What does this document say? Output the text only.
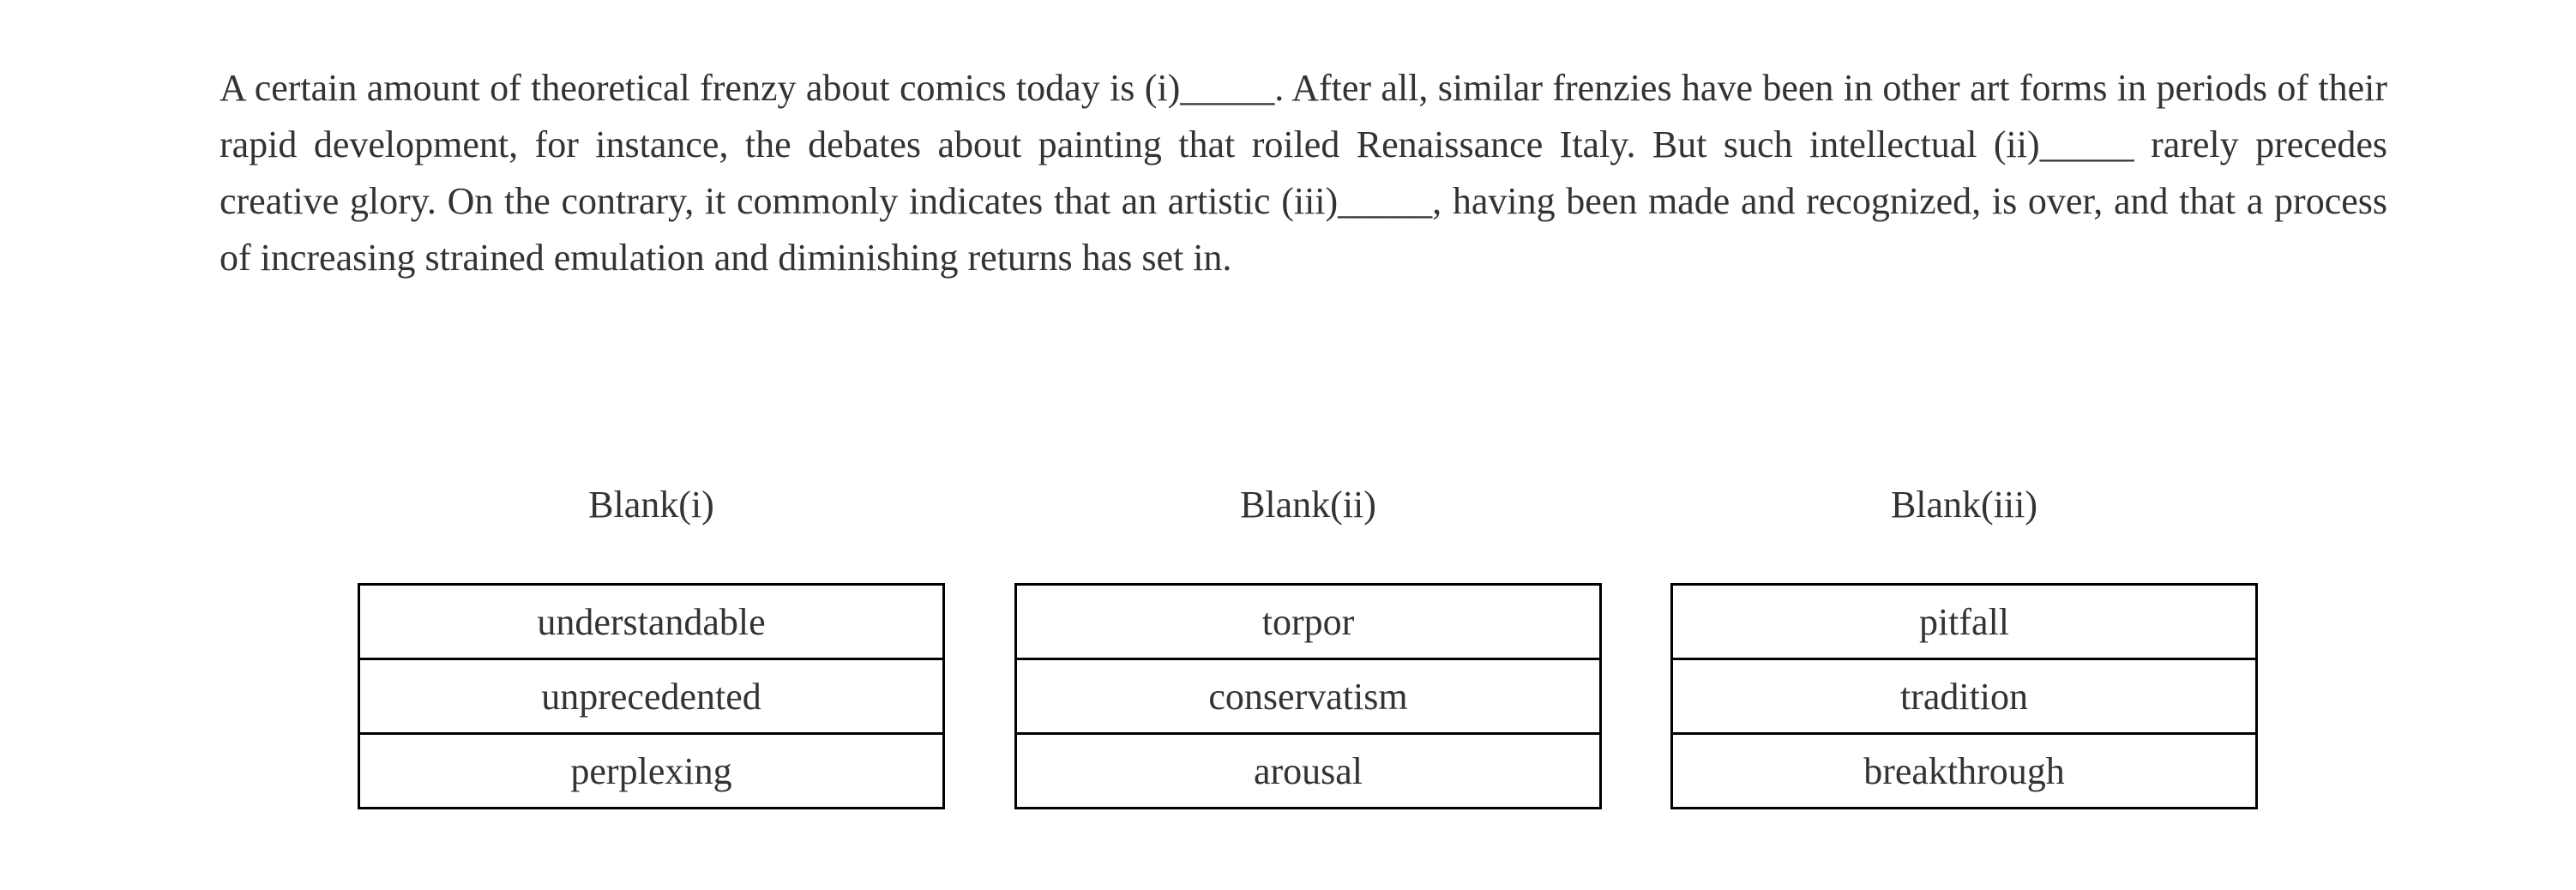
A certain amount of theoretical frenzy about comics today is (i)_____. After all, similar frenzies have been in other art forms in periods of their rapid development, for instance, the debates about painting that roiled Renaissance Italy. But such intellectual (ii)_____ rarely precedes creative glory. On the contrary, it commonly indicates that an artistic (iii)_____, having been made and recognized, is over, and that a process of increasing strained emulation and diminishing returns has set in.

Blank(i)
understandable
unprecedented
perplexing
Blank(ii)
torpor
conservatism
arousal
Blank(iii)
pitfall
tradition
breakthrough
